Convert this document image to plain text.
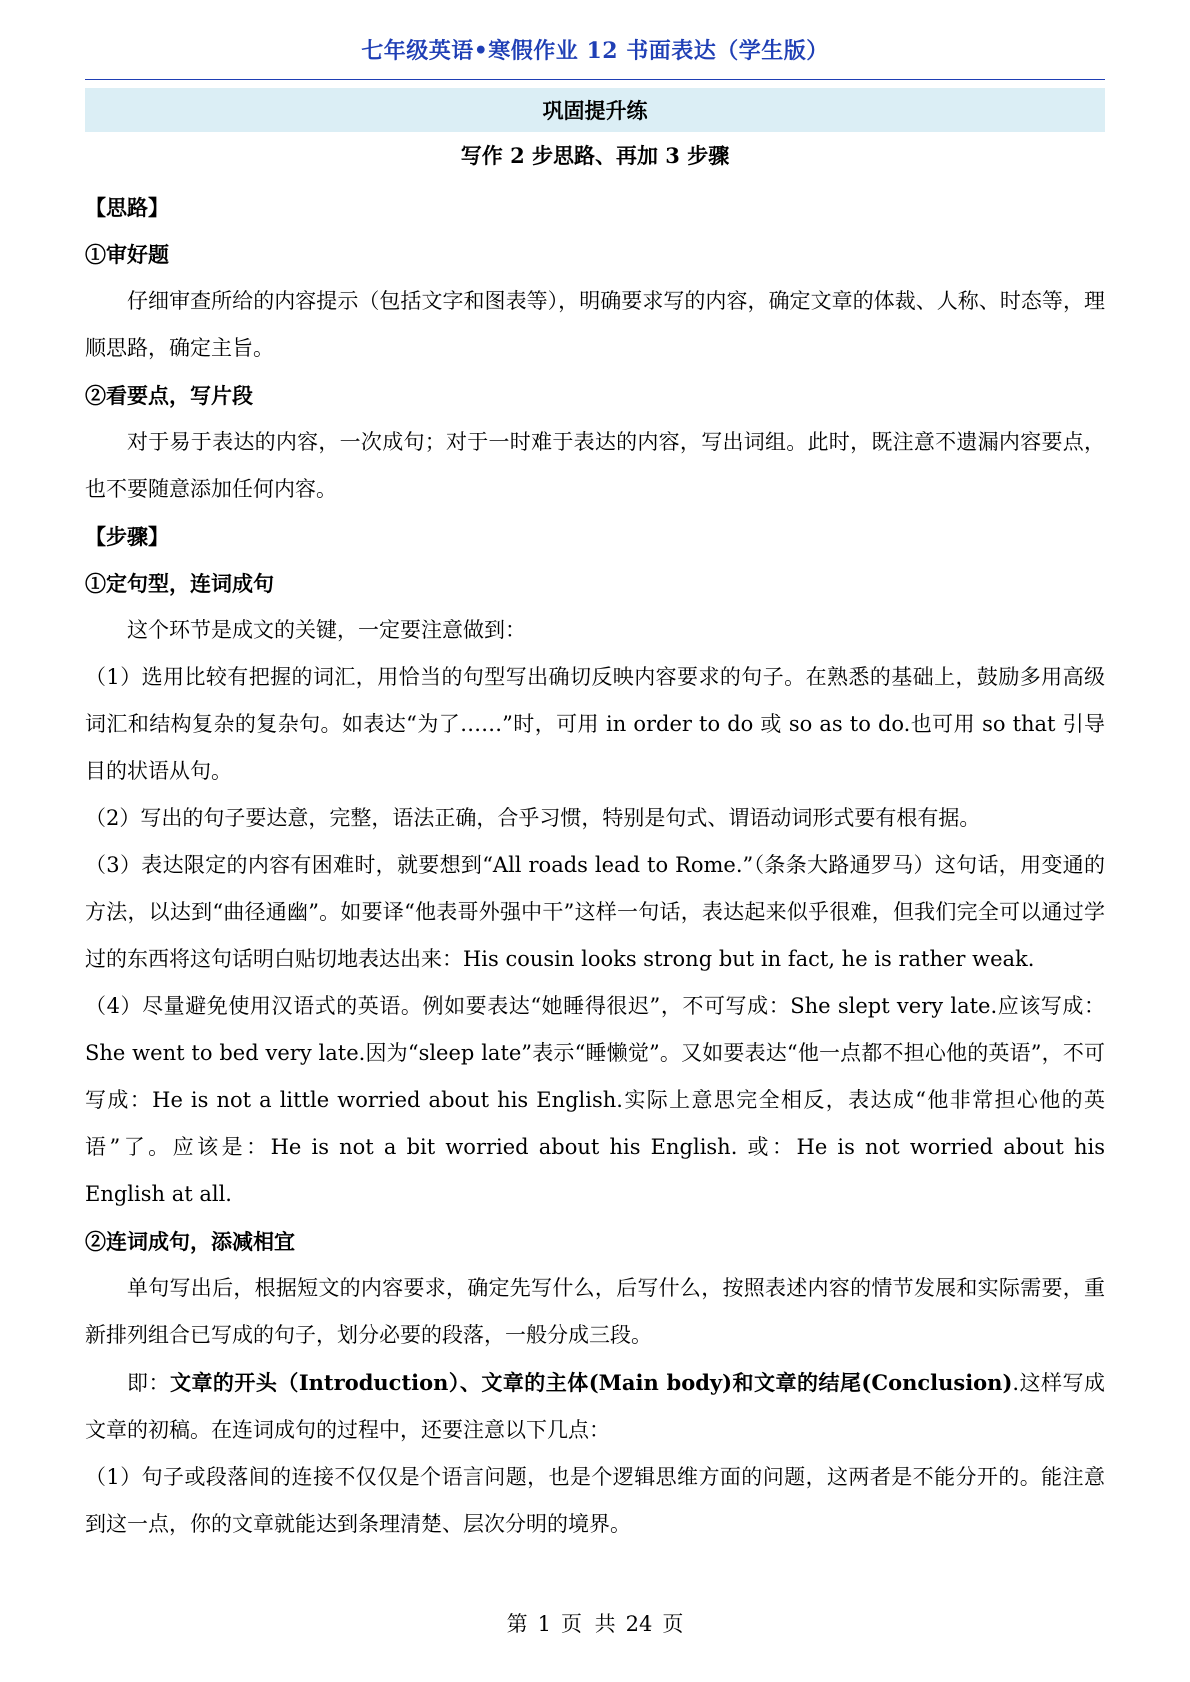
七年级英语•寒假作业 12 书面表达（学生版）
巩固提升练
写作 2 步思路、再加 3 步骤

【思路】

①审好题

仔细审查所给的内容提示（包括文字和图表等），明确要求写的内容，确定文章的体裁、人称、时态等，理顺思路，确定主旨。

②看要点，写片段

对于易于表达的内容，一次成句；对于一时难于表达的内容，写出词组。此时，既注意不遗漏内容要点，也不要随意添加任何内容。

【步骤】

①定句型，连词成句

这个环节是成文的关键，一定要注意做到：

（1）选用比较有把握的词汇，用恰当的句型写出确切反映内容要求的句子。在熟悉的基础上，鼓励多用高级词汇和结构复杂的复杂句。如表达“为了……”时，可用 in order to do 或 so as to do.也可用 so that 引导目的状语从句。

（2）写出的句子要达意，完整，语法正确，合乎习惯，特别是句式、谓语动词形式要有根有据。

（3）表达限定的内容有困难时，就要想到“All roads lead to Rome.”（条条大路通罗马）这句话，用变通的方法，以达到“曲径通幽”。如要译“他表哥外强中干”这样一句话，表达起来似乎很难，但我们完全可以通过学过的东西将这句话明白贴切地表达出来：His cousin looks strong but in fact, he is rather weak.

（4）尽量避免使用汉语式的英语。例如要表达“她睡得很迟”，不可写成：She slept very late.应该写成：She went to bed very late.因为“sleep late”表示“睡懒觉”。又如要表达“他一点都不担心他的英语”，不可写成：He is not a little worried about his English.实际上意思完全相反，表达成“他非常担心他的英语”了。应该是：He is not a bit worried about his English. 或：He is not worried about his English at all.

②连词成句，添减相宜

单句写出后，根据短文的内容要求，确定先写什么，后写什么，按照表述内容的情节发展和实际需要，重新排列组合已写成的句子，划分必要的段落，一般分成三段。

即：文章的开头（Introduction）、文章的主体(Main body)和文章的结尾(Conclusion).这样写成文章的初稿。在连词成句的过程中，还要注意以下几点：

（1）句子或段落间的连接不仅仅是个语言问题，也是个逻辑思维方面的问题，这两者是不能分开的。能注意到这一点，你的文章就能达到条理清楚、层次分明的境界。

第 1 页 共 24 页
